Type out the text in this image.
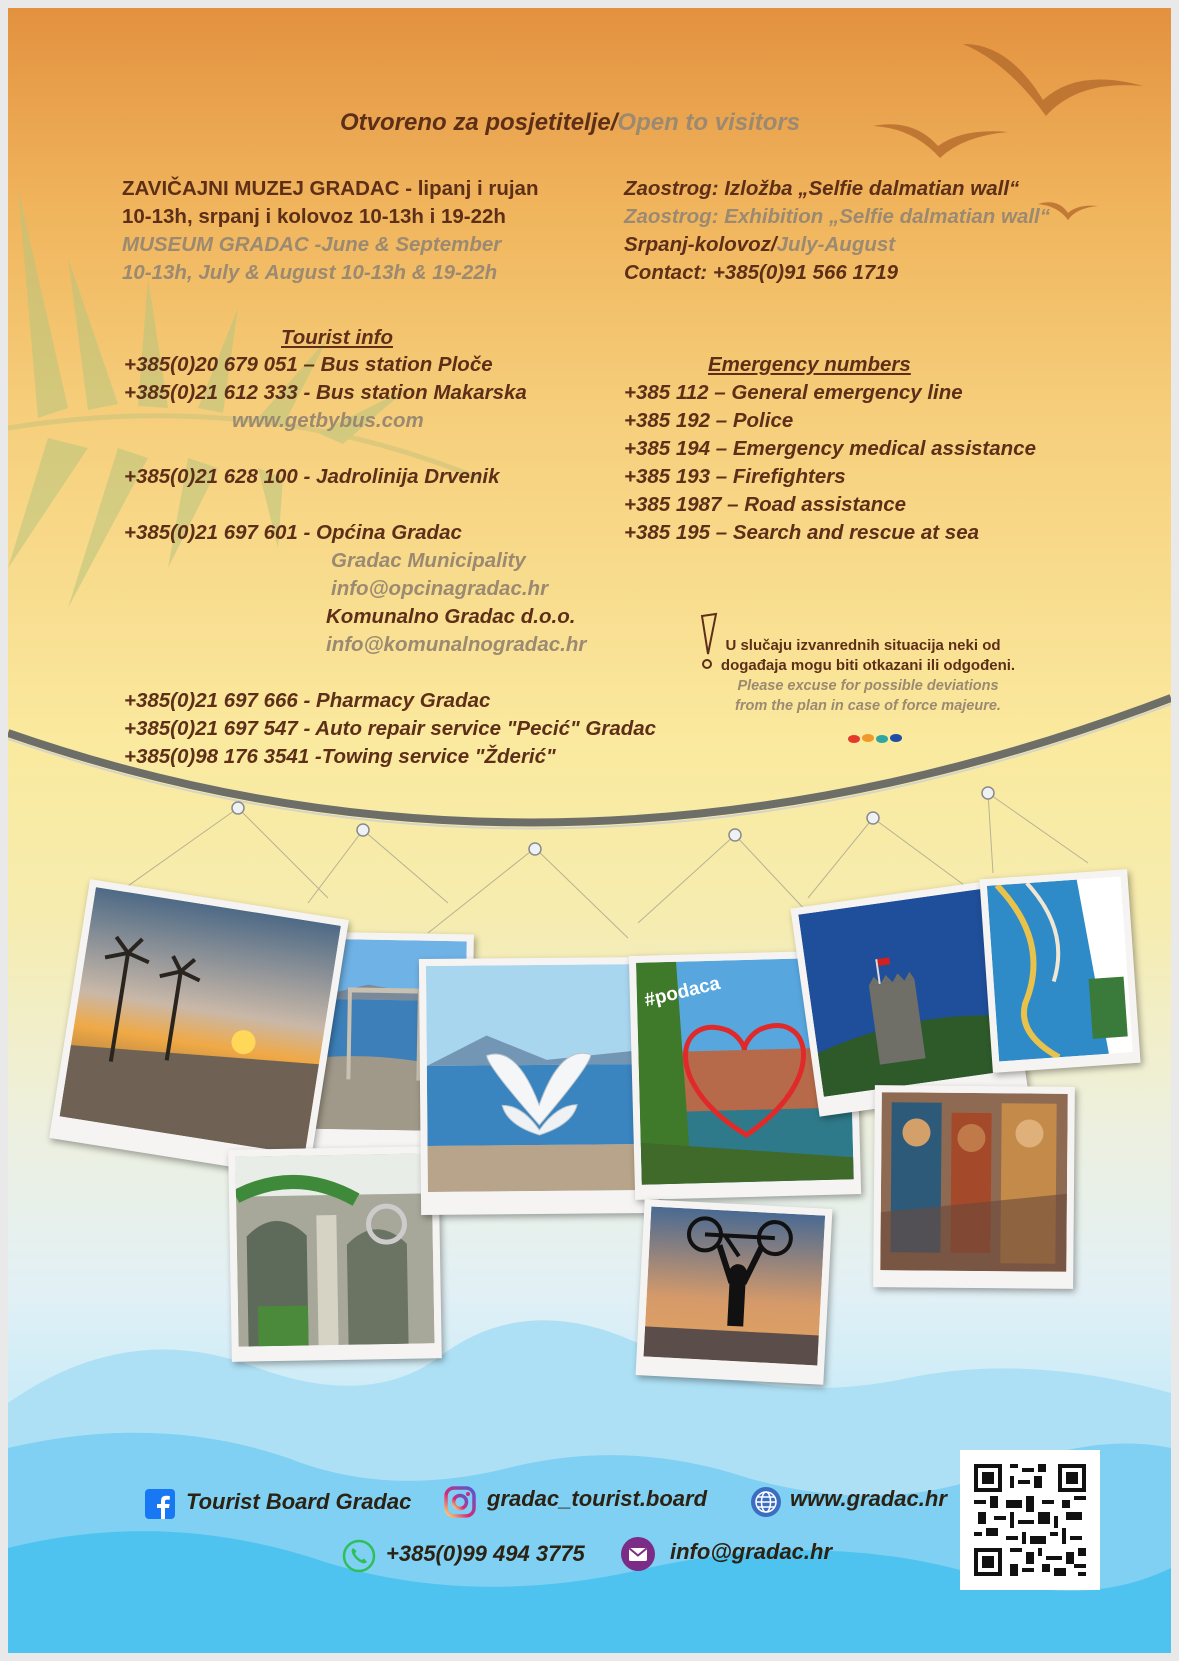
Otvoreno za posjetitelje/Open to visitors
ZAVIČAJNI MUZEJ GRADAC - lipanj i rujan
10-13h, srpanj i kolovoz 10-13h i 19-22h
MUSEUM GRADAC -June & September
10-13h, July & August 10-13h & 19-22h
Zaostrog: Izložba „Selfie dalmatian wall“
Zaostrog: Exhibition „Selfie dalmatian wall“
Srpanj-kolovoz/July-August
Contact: +385(0)91 566 1719
Tourist info
+385(0)20 679 051 – Bus station Ploče
+385(0)21 612 333 - Bus station Makarska
www.getbybus.com
+385(0)21 628 100 - Jadrolinija Drvenik
+385(0)21 697 601 - Općina Gradac
Gradac Municipality
info@opcinagradac.hr
Komunalno Gradac d.o.o.
info@komunalnogradac.hr
+385(0)21 697 666 - Pharmacy Gradac
+385(0)21 697 547 - Auto repair service "Pecić" Gradac
+385(0)98 176 3541 -Towing service "Žderić"
Emergency numbers
+385 112 – General emergency line
+385 192 – Police
+385 194 – Emergency medical assistance
+385 193 – Firefighters
+385 1987 – Road assistance
+385 195 – Search and rescue at sea
U slučaju izvanrednih situacija neki od
događaja mogu biti otkazani ili odgođeni.
Please excuse for possible deviations
from the plan in case of force majeure.
#podaca
Tourist Board Gradac	gradac_tourist.board	www.gradac.hr
+385(0)99 494 3775	info@gradac.hr
